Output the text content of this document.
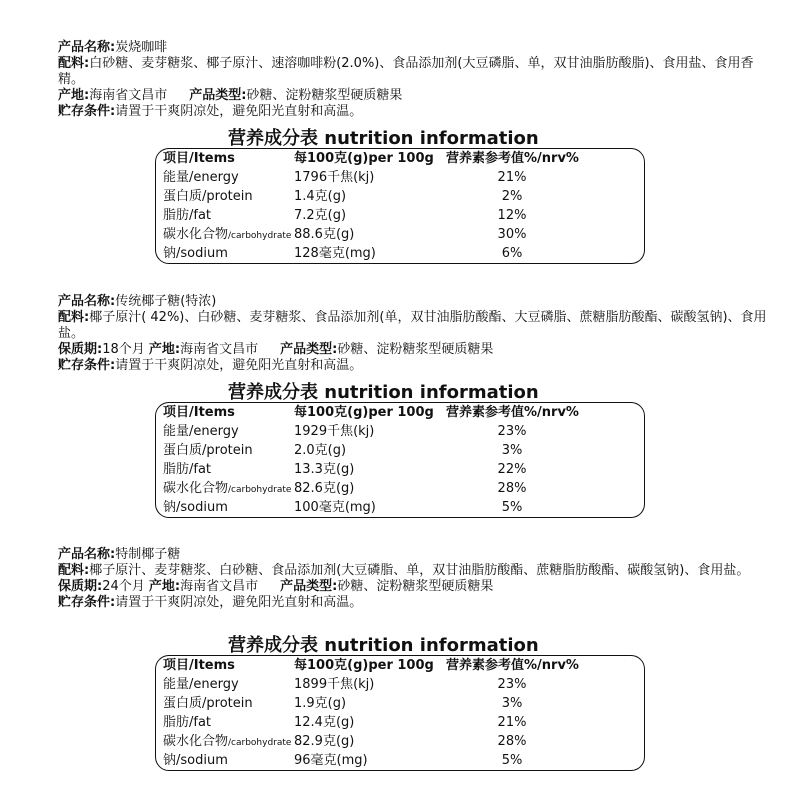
产品名称:炭烧咖啡
配料:白砂糖、麦芽糖浆、椰子原汁、速溶咖啡粉(2.0%)、食品添加剂(大豆磷脂、单，双甘油脂肪酸脂)、食用盐、食用香精。
产地:海南省文昌市 产品类型:砂糖、淀粉糖浆型硬质糖果
贮存条件:请置于干爽阴凉处，避免阳光直射和高温。
营养成分表 nutrition information
项目/Items	每100克(g)per 100g 营养素参考值%/nrv%
能量/energy	1796千焦(kj)	21%
蛋白质/protein	1.4克(g)	2%
脂肪/fat	7.2克(g)	12%
碳水化合物/carbohydrate 88.6克(g)	30%
钠/sodium	128毫克(mg)	6%
产品名称:传统椰子糖(特浓)
配料:椰子原汁( 42%)、白砂糖、麦芽糖浆、食品添加剂(单，双甘油脂肪酸酯、大豆磷脂、蔗糖脂肪酸酯、碳酸氢钠)、食用盐。
保质期:18个月 产地:海南省文昌市 产品类型:砂糖、淀粉糖浆型硬质糖果
贮存条件:请置于干爽阴凉处，避免阳光直射和高温。
营养成分表 nutrition information
项目/Items	每100克(g)per 100g 营养素参考值%/nrv%
能量/energy	1929千焦(kj)	23%
蛋白质/protein	2.0克(g)	3%
脂肪/fat	13.3克(g)	22%
碳水化合物/carbohydrate 82.6克(g)	28%
钠/sodium	100毫克(mg)	5%
产品名称:特制椰子糖
配料:椰子原汁、麦芽糖浆、白砂糖、食品添加剂(大豆磷脂、单，双甘油脂肪酸酯、蔗糖脂肪酸酯、碳酸氢钠)、食用盐。
保质期:24个月 产地:海南省文昌市 产品类型:砂糖、淀粉糖浆型硬质糖果
贮存条件:请置于干爽阴凉处，避免阳光直射和高温。
营养成分表 nutrition information
项目/Items	每100克(g)per 100g 营养素参考值%/nrv%
能量/energy	1899千焦(kj)	23%
蛋白质/protein	1.9克(g)	3%
脂肪/fat	12.4克(g)	21%
碳水化合物/carbohydrate 82.9克(g)	28%
钠/sodium	96毫克(mg)	5%
